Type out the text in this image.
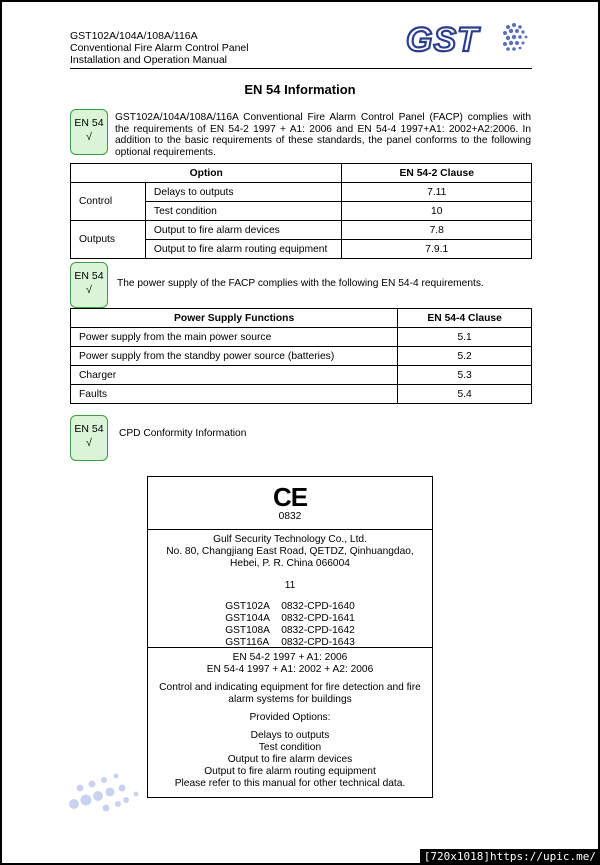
GST102A/104A/108A/116A
Conventional Fire Alarm Control Panel
Installation and Operation Manual
GST
EN 54 Information
EN 54
√
GST102A/104A/108A/116A Conventional Fire Alarm Control Panel (FACP) complies with the requirements of EN 54-2 1997 + A1: 2006 and EN 54-4 1997+A1: 2002+A2:2006. In addition to the basic requirements of these standards, the panel conforms to the following optional requirements.
Option		EN 54-2 Clause
Control	Delays to outputs	7.11
	Test condition	10
Outputs	Output to fire alarm devices	7.8
	Output to fire alarm routing equipment	7.9.1
EN 54
√
The power supply of the FACP complies with the following EN 54-4 requirements.
Power Supply Functions	EN 54-4 Clause
Power supply from the main power source	5.1
Power supply from the standby power source (batteries)	5.2
Charger	5.3
Faults	5.4
EN 54
√
CPD Conformity Information
CE
0832
Gulf Security Technology Co., Ltd.
No. 80, Changjiang East Road, QETDZ, Qinhuangdao,
Hebei, P. R. China 066004
11
GST102A 0832-CPD-1640
GST104A 0832-CPD-1641
GST108A 0832-CPD-1642
GST116A 0832-CPD-1643
EN 54-2 1997 + A1: 2006
EN 54-4 1997 + A1: 2002 + A2: 2006
Control and indicating equipment for fire detection and fire
alarm systems for buildings
Provided Options:
Delays to outputs
Test condition
Output to fire alarm devices
Output to fire alarm routing equipment
Please refer to this manual for other technical data.
[720x1018]https://upic.me/
